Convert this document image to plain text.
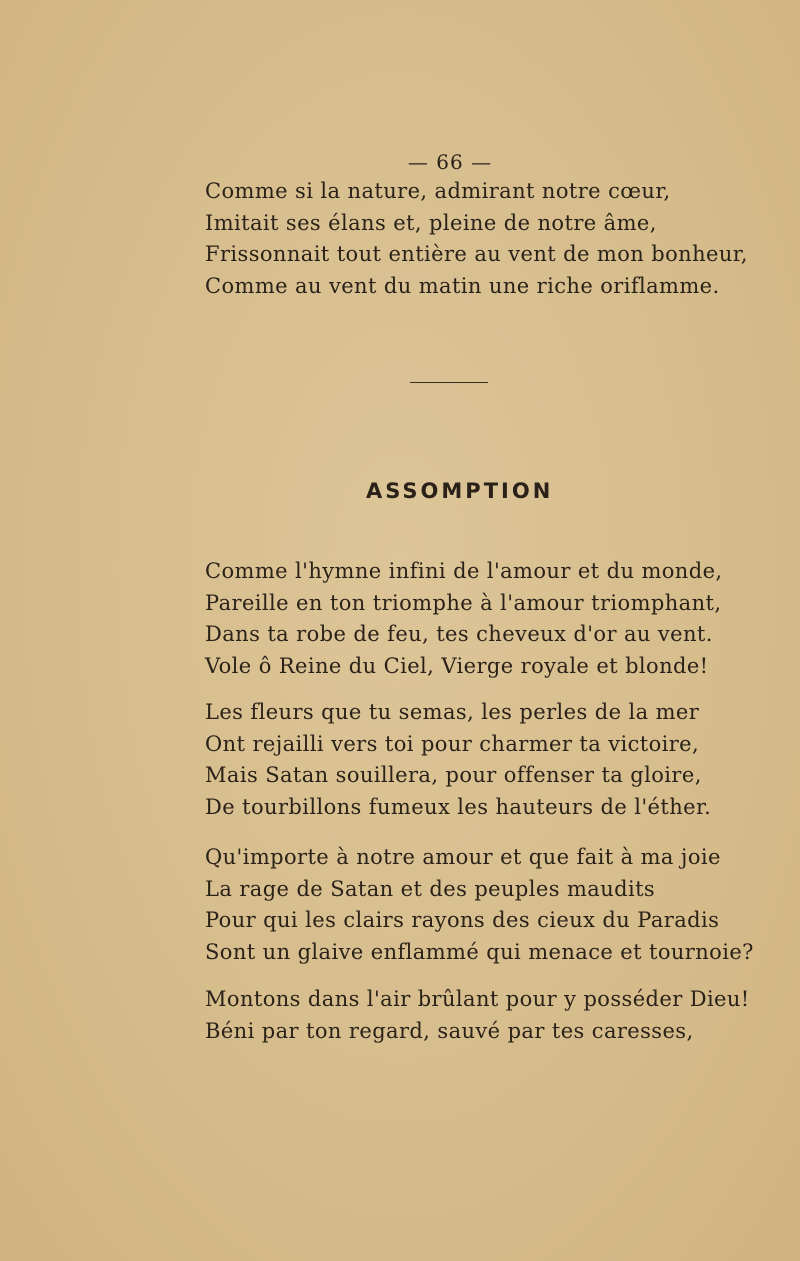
— 66 —
Comme si la nature, admirant notre cœur,
Imitait ses élans et, pleine de notre âme,
Frissonnait tout entière au vent de mon bonheur,
Comme au vent du matin une riche oriflamme.
ASSOMPTION
Comme l'hymne infini de l'amour et du monde,
Pareille en ton triomphe à l'amour triomphant,
Dans ta robe de feu, tes cheveux d'or au vent.
Vole ô Reine du Ciel, Vierge royale et blonde!
Les fleurs que tu semas, les perles de la mer
Ont rejailli vers toi pour charmer ta victoire,
Mais Satan souillera, pour offenser ta gloire,
De tourbillons fumeux les hauteurs de l'éther.
Qu'importe à notre amour et que fait à ma joie
La rage de Satan et des peuples maudits
Pour qui les clairs rayons des cieux du Paradis
Sont un glaive enflammé qui menace et tournoie?
Montons dans l'air brûlant pour y posséder Dieu!
Béni par ton regard, sauvé par tes caresses,
